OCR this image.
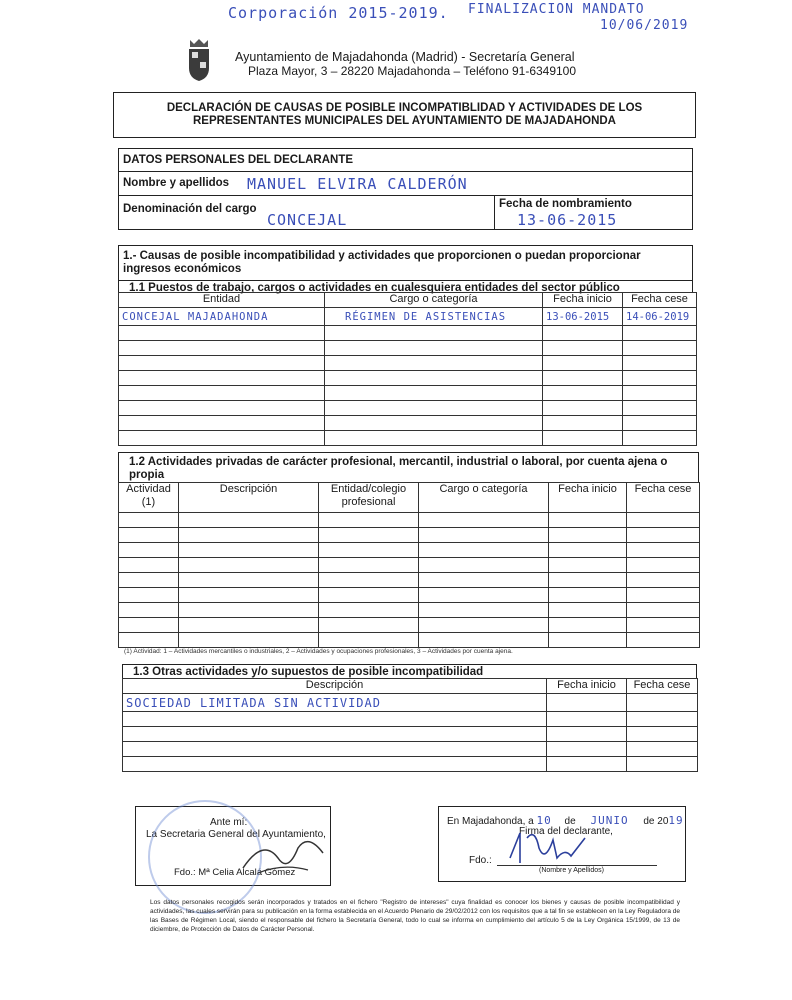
Corporación 2015-2019. FINALIZACION MANDATO
10/06/2019
Ayuntamiento de Majadahonda (Madrid) - Secretaría General
Plaza Mayor, 3 – 28220 Majadahonda – Teléfono 91-6349100
DECLARACIÓN DE CAUSAS DE POSIBLE INCOMPATIBLIDAD Y ACTIVIDADES DE LOS
REPRESENTANTES MUNICIPALES DEL AYUNTAMIENTO DE MAJADAHONDA
DATOS PERSONALES DEL DECLARANTE
Nombre y apellidos MANUEL ELVIRA CALDERÓN
Denominación del cargo
CONCEJAL
Fecha de nombramiento
13-06-2015
1.- Causas de posible incompatibilidad y actividades que proporcionen o puedan proporcionar ingresos económicos
1.1 Puestos de trabajo, cargos o actividades en cualesquiera entidades del sector público
Entidad	Cargo o categoría	Fecha inicio	Fecha cese
CONCEJAL MAJADAHONDA	RÉGIMEN DE ASISTENCIAS	13-06-2015	14-06-2019

1.2 Actividades privadas de carácter profesional, mercantil, industrial o laboral, por cuenta ajena o propia
Actividad (1)	Descripción	Entidad/colegio profesional	Cargo o categoría	Fecha inicio	Fecha cese

(1) Actividad: 1 – Actividades mercantiles o industriales, 2 – Actividades y ocupaciones profesionales, 3 – Actividades por cuenta ajena.
1.3 Otras actividades y/o supuestos de posible incompatibilidad
Descripción	Fecha inicio	Fecha cese
SOCIEDAD LIMITADA SIN ACTIVIDAD		

Ante mí:
La Secretaria General del Ayuntamiento,
Fdo.: Mª Celia Alcalá Gómez
En Majadahonda, a 10 de JUNIO de 2019
Firma del declarante,
Fdo.:
(Nombre y Apellidos)
Los datos personales recogidos serán incorporados y tratados en el fichero "Registro de intereses" cuya finalidad es conocer los bienes y causas de posible incompatibilidad y actividades, las cuales servirán para su publicación en la forma establecida en el Acuerdo Plenario de 29/02/2012 con los requisitos que a tal fin se establecen en la Ley Reguladora de las Bases de Régimen Local, siendo el responsable del fichero la Secretaría General, todo lo cual se informa en cumplimiento del artículo 5 de la Ley Orgánica 15/1999, de 13 de diciembre, de Protección de Datos de Carácter Personal.
